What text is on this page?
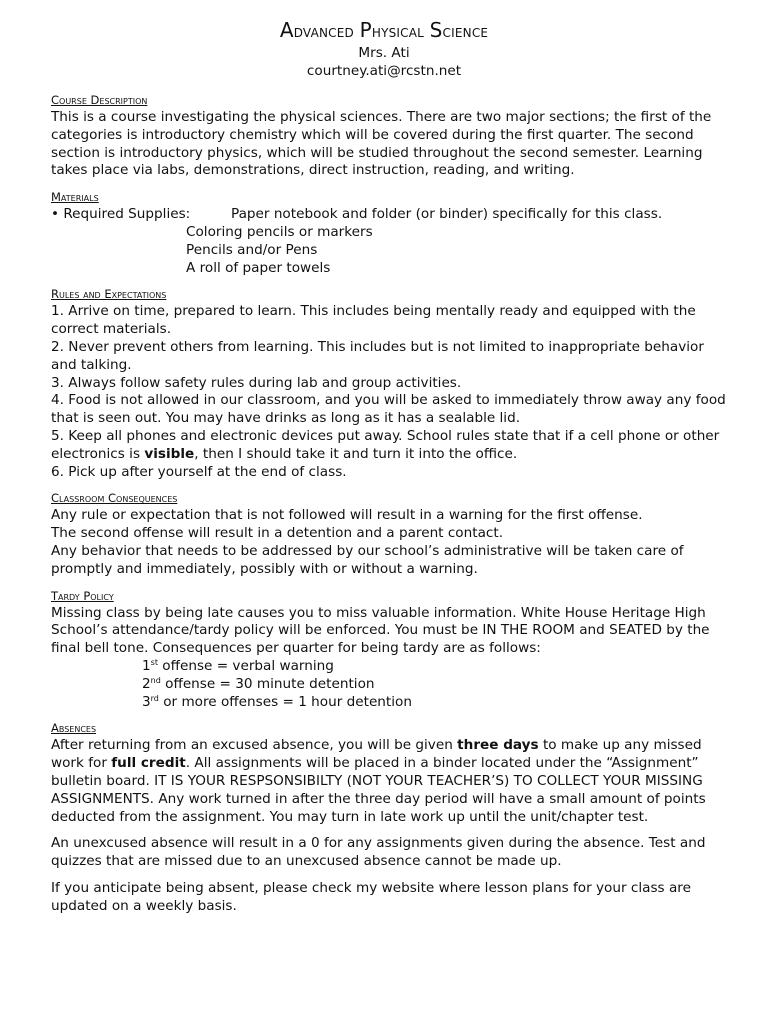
Advanced Physical Science
Mrs. Ati
courtney.ati@rcstn.net
Course Description

This is a course investigating the physical sciences. There are two major sections; the first of the categories is introductory chemistry which will be covered during the first quarter. The second section is introductory physics, which will be studied throughout the second semester. Learning takes place via labs, demonstrations, direct instruction, reading, and writing.

Materials
• Required Supplies:	Paper notebook and folder (or binder) specifically for this class.
Coloring pencils or markers
Pencils and/or Pens
A roll of paper towels
Rules and Expectations

1. Arrive on time, prepared to learn. This includes being mentally ready and equipped with the correct materials.

2. Never prevent others from learning. This includes but is not limited to inappropriate behavior and talking.

3. Always follow safety rules during lab and group activities.

4. Food is not allowed in our classroom, and you will be asked to immediately throw away any food that is seen out. You may have drinks as long as it has a sealable lid.

5. Keep all phones and electronic devices put away. School rules state that if a cell phone or other electronics is visible, then I should take it and turn it into the office.

6. Pick up after yourself at the end of class.

Classroom Consequences

Any rule or expectation that is not followed will result in a warning for the first offense.

The second offense will result in a detention and a parent contact.

Any behavior that needs to be addressed by our school’s administrative will be taken care of promptly and immediately, possibly with or without a warning.

Tardy Policy

Missing class by being late causes you to miss valuable information. White House Heritage High School’s attendance/tardy policy will be enforced. You must be IN THE ROOM and SEATED by the final bell tone. Consequences per quarter for being tardy are as follows:

1st offense = verbal warning
2nd offense = 30 minute detention
3rd or more offenses = 1 hour detention
Absences

After returning from an excused absence, you will be given three days to make up any missed work for full credit. All assignments will be placed in a binder located under the “Assignment” bulletin board. IT IS YOUR RESPSONSIBILTY (NOT YOUR TEACHER’S) TO COLLECT YOUR MISSING ASSIGNMENTS. Any work turned in after the three day period will have a small amount of points deducted from the assignment. You may turn in late work up until the unit/chapter test.

An unexcused absence will result in a 0 for any assignments given during the absence. Test and quizzes that are missed due to an unexcused absence cannot be made up.

If you anticipate being absent, please check my website where lesson plans for your class are updated on a weekly basis.
